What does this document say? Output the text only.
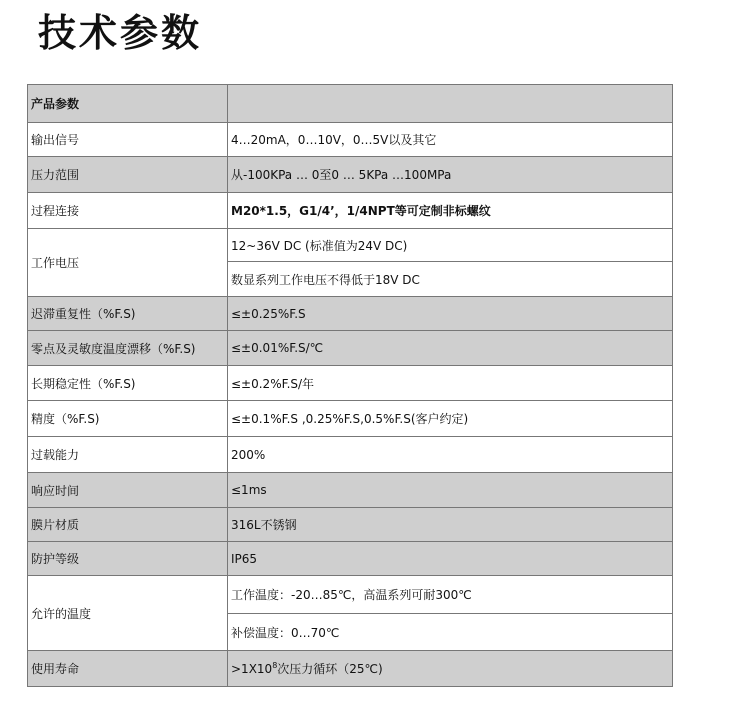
技术参数
产品参数	
输出信号	4…20mA，0…10V，0…5V以及其它
压力范围	从-100KPa … 0至0 … 5KPa …100MPa
过程连接	M20*1.5，G1/4’，1/4NPT等可定制非标螺纹
工作电压	12~36V DC (标准值为24V DC)
	数显系列工作电压不得低于18V DC
迟滞重复性（%F.S)	≤±0.25%F.S
零点及灵敏度温度漂移（%F.S)	≤±0.01%F.S/℃
长期稳定性（%F.S)	≤±0.2%F.S/年
精度（%F.S)	≤±0.1%F.S ,0.25%F.S,0.5%F.S(客户约定)
过载能力	200%
响应时间	≤1ms
膜片材质	316L不锈钢
防护等级	IP65
允许的温度	工作温度：-20…85℃，高温系列可耐300℃
	补偿温度：0…70℃
使用寿命	$>1X10^8$次压力循环（25℃)
